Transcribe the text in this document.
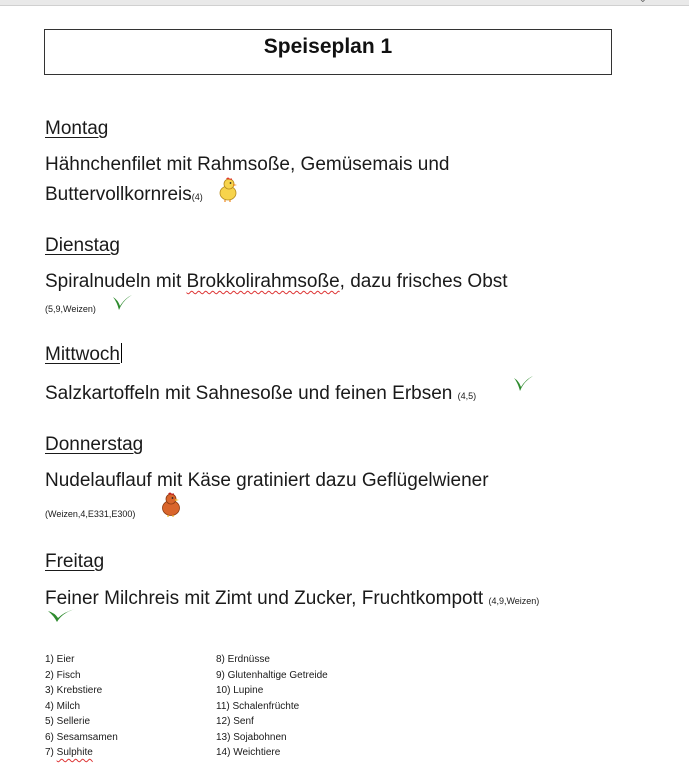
Speiseplan 1
Montag
Hähnchenfilet mit Rahmsoße, Gemüsemais und
Buttervollkornreis(4)
Dienstag
Spiralnudeln mit Brokkolirahmsoße, dazu frisches Obst
(5,9,Weizen)
Mittwoch
Salzkartoffeln mit Sahnesoße und feinen Erbsen (4,5)
Donnerstag
Nudelauflauf mit Käse gratiniert dazu Geflügelwiener
(Weizen,4,E331,E300)
Freitag
Feiner Milchreis mit Zimt und Zucker, Fruchtkompott (4,9,Weizen)
1) Eier
2) Fisch
3) Krebstiere
4) Milch
5) Sellerie
6) Sesamsamen
7) Sulphite
8) Erdnüsse
9) Glutenhaltige Getreide
10) Lupine
11) Schalenfrüchte
12) Senf
13) Sojabohnen
14) Weichtiere
